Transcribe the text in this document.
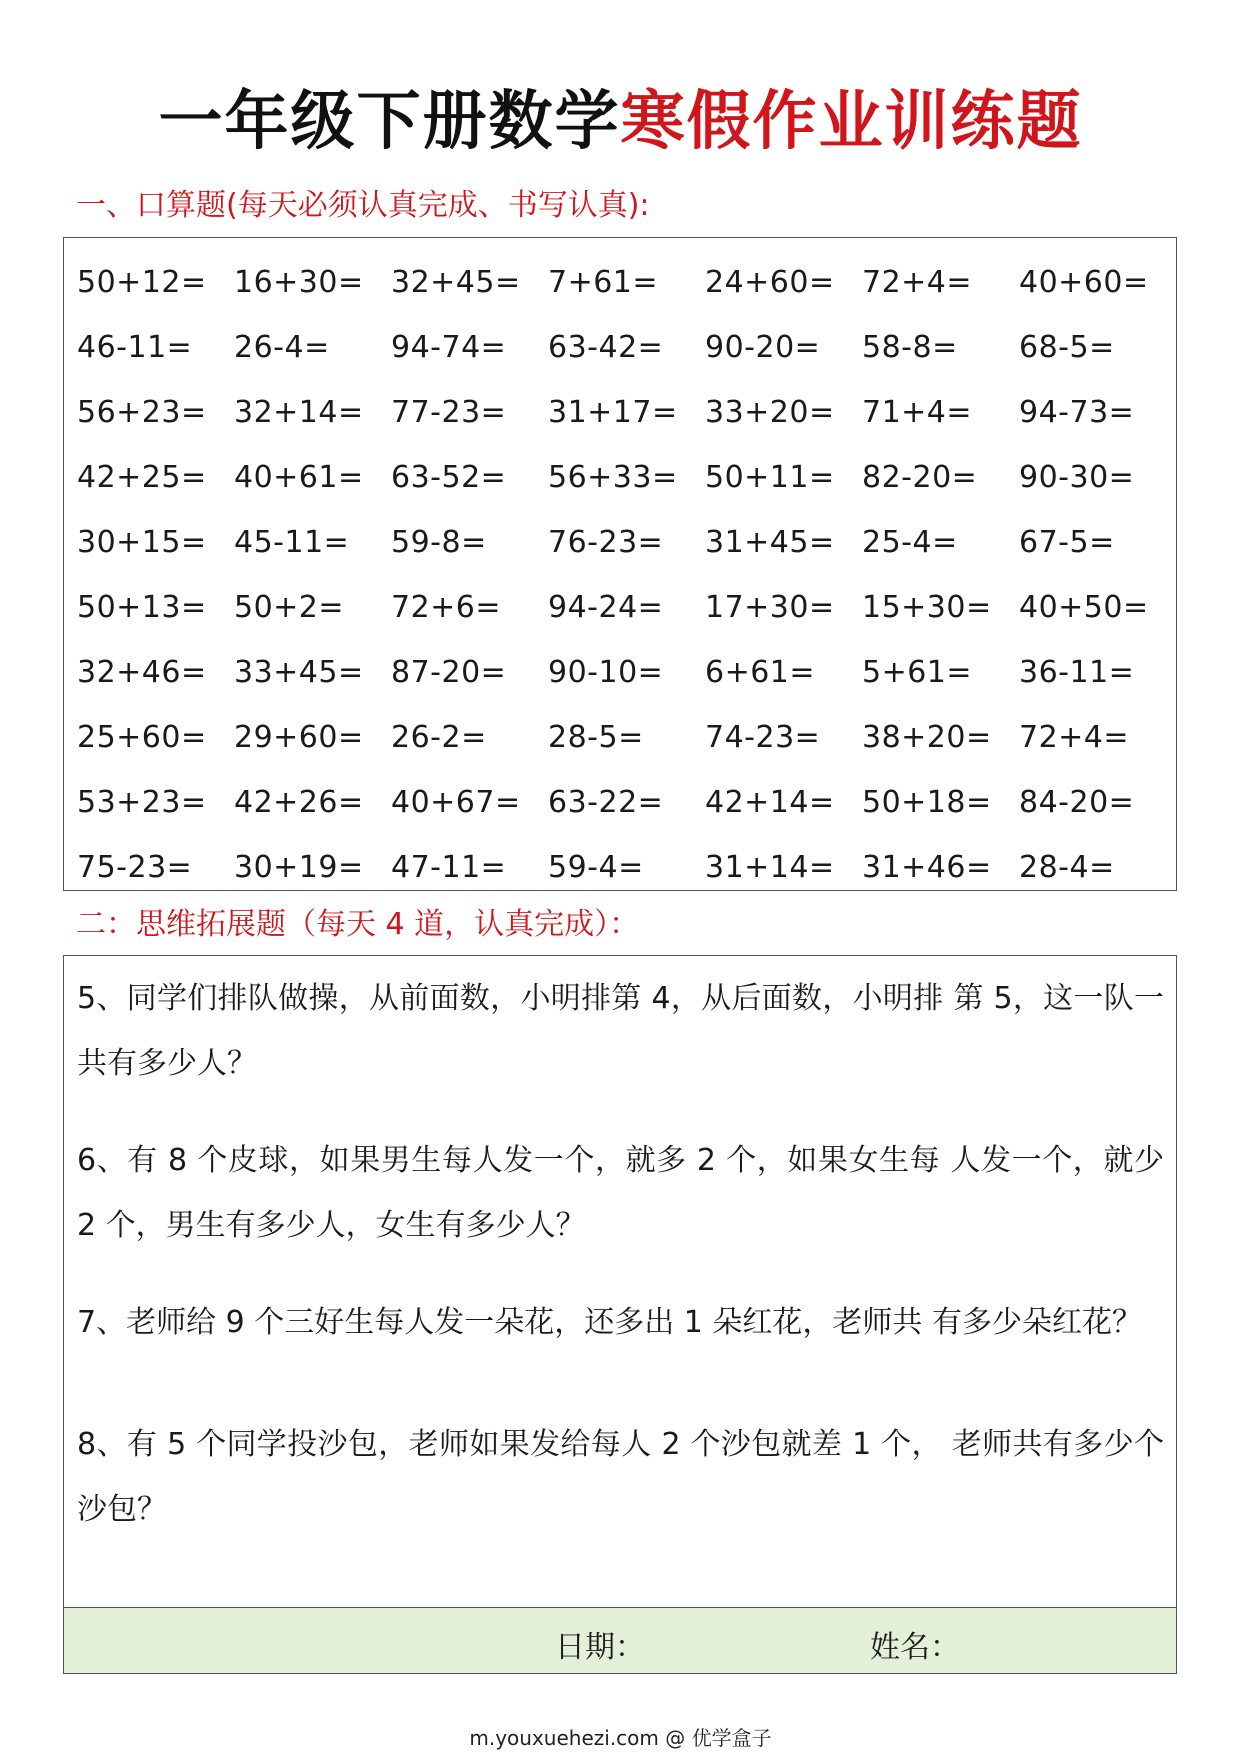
一年级下册数学寒假作业训练题
一、口算题(每天必须认真完成、书写认真):
50+12= 16+30= 32+45= 7+61=	24+60= 72+4=	40+60=
46-11=	26-4=	94-74=	63-42=	90-20=	58-8=	68-5=
56+23= 32+14= 77-23=	31+17= 33+20= 71+4=	94-73=
42+25= 40+61= 63-52=	56+33= 50+11= 82-20=	90-30=
30+15= 45-11=	59-8=	76-23=	31+45= 25-4=	67-5=
50+13= 50+2=	72+6=	94-24=	17+30= 15+30= 40+50=
32+46= 33+45= 87-20=	90-10=	6+61=	5+61=	36-11=
25+60= 29+60= 26-2=	28-5=	74-23=	38+20= 72+4=
53+23= 42+26= 40+67= 63-22=	42+14= 50+18= 84-20=
75-23=	30+19= 47-11=	59-4=	31+14= 31+46= 28-4=
二：思维拓展题（每天 4 道，认真完成）：
5、同学们排队做操，从前面数，小明排第 4，从后面数，小明排 第 5，这一队一共有多少人？
6、有 8 个皮球，如果男生每人发一个，就多 2 个，如果女生每 人发一个，就少 2 个，男生有多少人，女生有多少人？
7、老师给 9 个三好生每人发一朵花，还多出 1 朵红花，老师共 有多少朵红花？
8、有 5 个同学投沙包，老师如果发给每人 2 个沙包就差 1 个， 老师共有多少个沙包？
日期：	姓名：
m.youxuehezi.com @ 优学盒子
